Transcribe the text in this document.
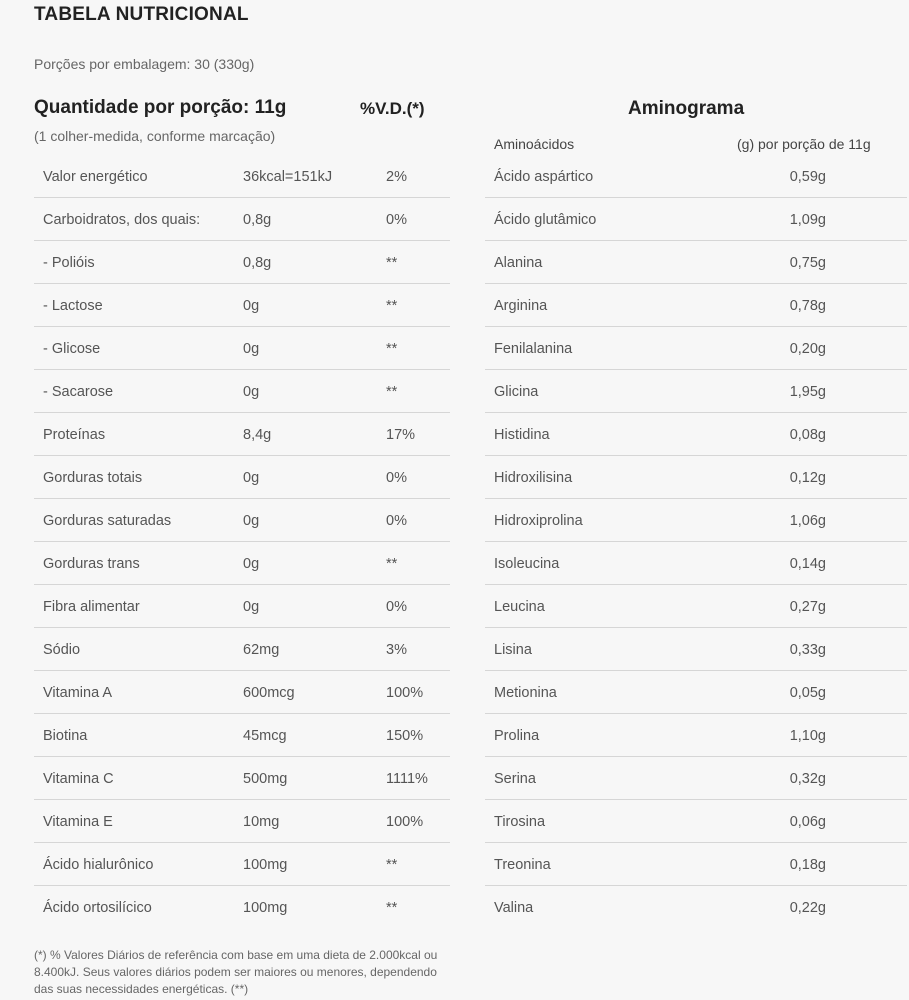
TABELA NUTRICIONAL
Porções por embalagem: 30 (330g)
Quantidade por porção: 11g	%V.D.(*)
(1 colher-medida, conforme marcação)
Aminograma
Aminoácidos	(g) por porção de 11g
Valor energético	36kcal=151kJ	2%
Carboidratos, dos quais:	0,8g	0%
- Polióis	0,8g	**
- Lactose	0g	**
- Glicose	0g	**
- Sacarose	0g	**
Proteínas	8,4g	17%
Gorduras totais	0g	0%
Gorduras saturadas	0g	0%
Gorduras trans	0g	**
Fibra alimentar	0g	0%
Sódio	62mg	3%
Vitamina A	600mcg	100%
Biotina	45mcg	150%
Vitamina C	500mg	1111%
Vitamina E	10mg	100%
Ácido hialurônico	100mg	**
Ácido ortosilícico	100mg	**
Ácido aspártico	0,59g
Ácido glutâmico	1,09g
Alanina	0,75g
Arginina	0,78g
Fenilalanina	0,20g
Glicina	1,95g
Histidina	0,08g
Hidroxilisina	0,12g
Hidroxiprolina	1,06g
Isoleucina	0,14g
Leucina	0,27g
Lisina	0,33g
Metionina	0,05g
Prolina	1,10g
Serina	0,32g
Tirosina	0,06g
Treonina	0,18g
Valina	0,22g
(*) % Valores Diários de referência com base em uma dieta de 2.000kcal ou 8.400kJ. Seus valores diários podem ser maiores ou menores, dependendo das suas necessidades energéticas. (**)
